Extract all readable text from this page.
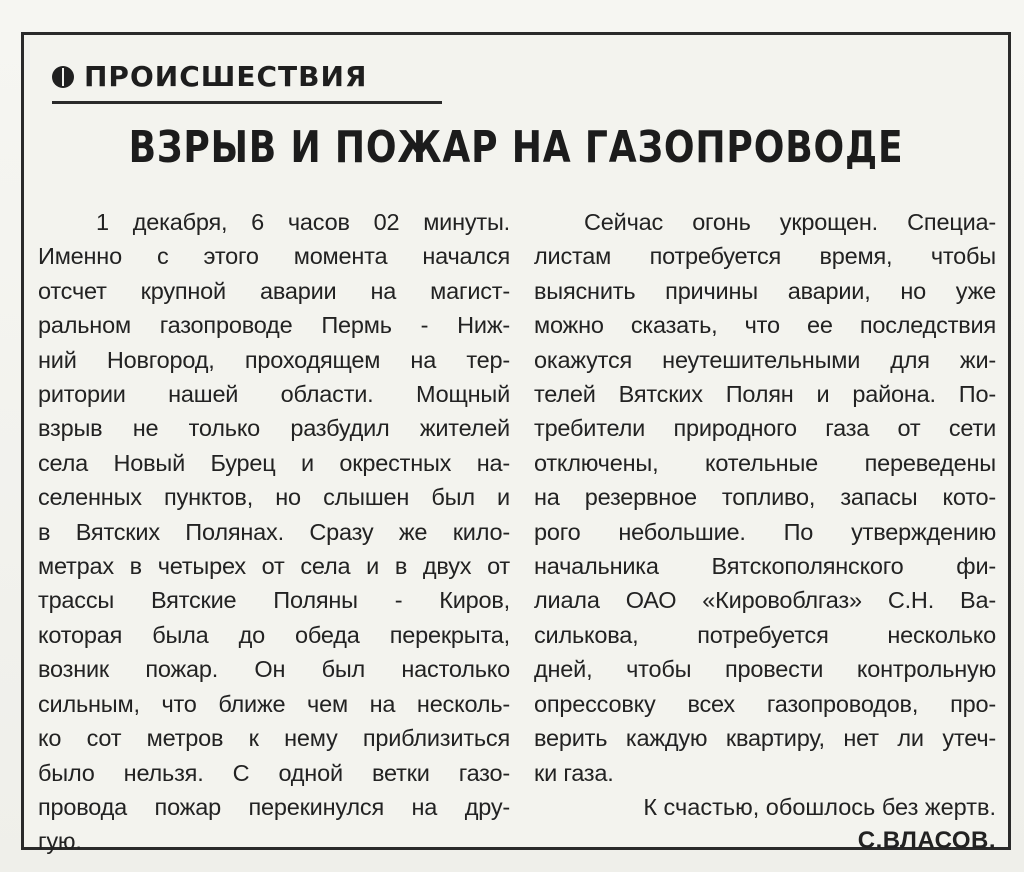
ПРОИСШЕСТВИЯ
ВЗРЫВ И ПОЖАР НА ГАЗОПРОВОДЕ
1 декабря, 6 часов 02 минуты.
Именно с этого момента начался
отсчет крупной аварии на магист-
ральном газопроводе Пермь - Ниж-
ний Новгород, проходящем на тер-
ритории нашей области. Мощный
взрыв не только разбудил жителей
села Новый Бурец и окрестных на-
селенных пунктов, но слышен был и
в Вятских Полянах. Сразу же кило-
метрах в четырех от села и в двух от
трассы Вятские Поляны - Киров,
которая была до обеда перекрыта,
возник пожар. Он был настолько
сильным, что ближе чем на несколь-
ко сот метров к нему приблизиться
было нельзя. С одной ветки газо-
провода пожар перекинулся на дру-
гую.
Сейчас огонь укрощен. Специа-
листам потребуется время, чтобы
выяснить причины аварии, но уже
можно сказать, что ее последствия
окажутся неутешительными для жи-
телей Вятских Полян и района. По-
требители природного газа от сети
отключены, котельные переведены
на резервное топливо, запасы кото-
рого небольшие. По утверждению
начальника Вятскополянского фи-
лиала ОАО «Кировоблгаз» С.Н. Ва-
силькова, потребуется несколько
дней, чтобы провести контрольную
опрессовку всех газопроводов, про-
верить каждую квартиру, нет ли утеч-
ки газа.
К счастью, обошлось без жертв.
С.ВЛАСОВ.
